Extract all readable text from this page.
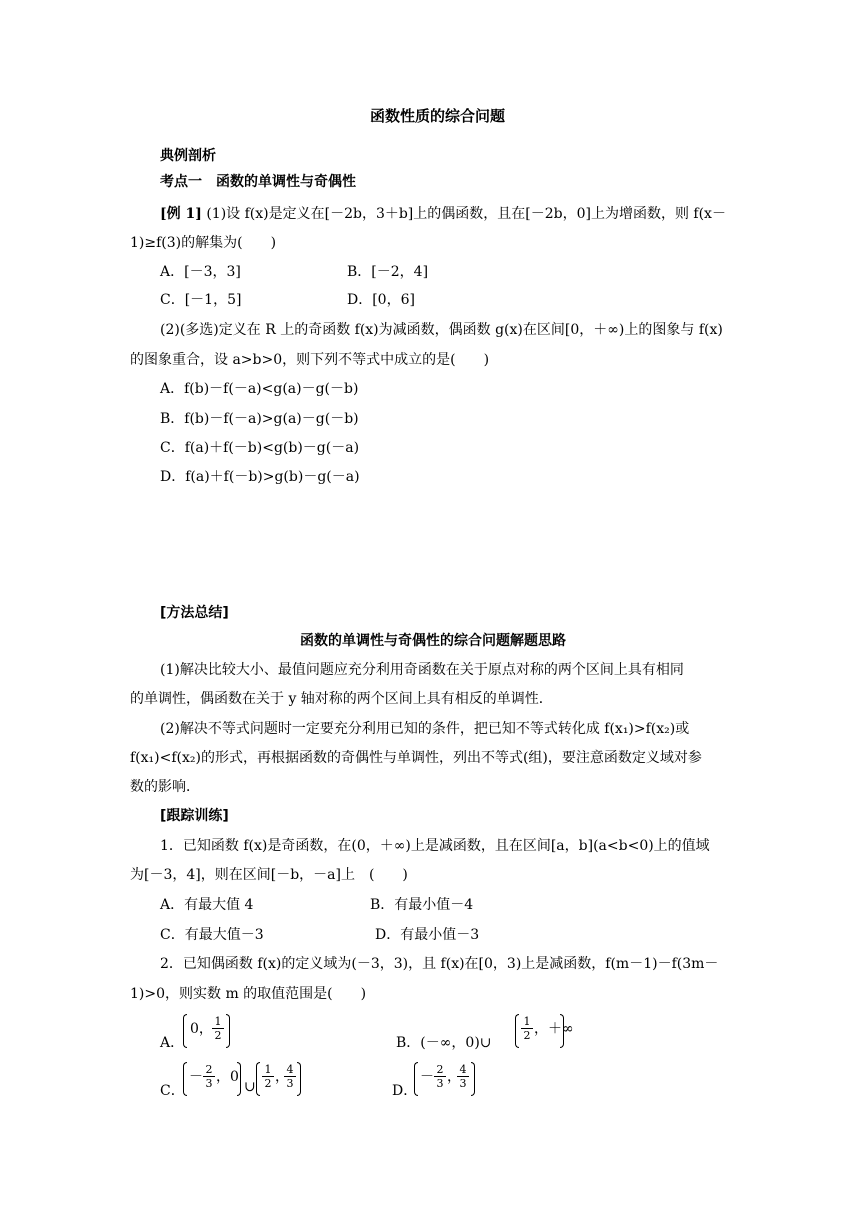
函数性质的综合问题
典例剖析
考点一　函数的单调性与奇偶性
[例 1] (1)设 f(x)是定义在[－2b，3＋b]上的偶函数，且在[－2b，0]上为增函数，则 f(x－
1)≥f(3)的解集为(　　)
A．[－3，3]	B．[－2，4]
C．[－1，5]	D．[0，6]
(2)(多选)定义在 R 上的奇函数 f(x)为减函数，偶函数 g(x)在区间[0，＋∞)上的图象与 f(x)
的图象重合，设 a>b>0，则下列不等式中成立的是(　　)
A．f(b)－f(－a)<g(a)－g(－b)
B．f(b)－f(－a)>g(a)－g(－b)
C．f(a)＋f(－b)<g(b)－g(－a)
D．f(a)＋f(－b)>g(b)－g(－a)
[方法总结]
函数的单调性与奇偶性的综合问题解题思路
(1)解决比较大小、最值问题应充分利用奇函数在关于原点对称的两个区间上具有相同
的单调性，偶函数在关于 y 轴对称的两个区间上具有相反的单调性．
(2)解决不等式问题时一定要充分利用已知的条件，把已知不等式转化成 f(x₁)>f(x₂)或
f(x₁)<f(x₂)的形式，再根据函数的奇偶性与单调性，列出不等式(组)，要注意函数定义域对参
数的影响．
[跟踪训练]
1．已知函数 f(x)是奇函数，在(0，＋∞)上是减函数，且在区间[a，b](a<b<0)上的值域
为[－3，4]，则在区间[－b，－a]上　(　　)
A．有最大值 4	B．有最小值－4
C．有最大值－3	D．有最小值－3
2．已知偶函数 f(x)的定义域为(－3，3)，且 f(x)在[0，3)上是减函数，f(m－1)－f(3m－
1)>0，则实数 m 的取值范围是(　　)
A．
0， $\frac{1}{2}$
B．(－∞，0)∪
$\frac{1}{2}$ ，＋∞
C．
－ $\frac{2}{3}$ ，0
∪ $\frac{1}{2}$ ，
$\frac{4}{3}$
D．
－ $\frac{2}{3}$ ，
$\frac{4}{3}$
